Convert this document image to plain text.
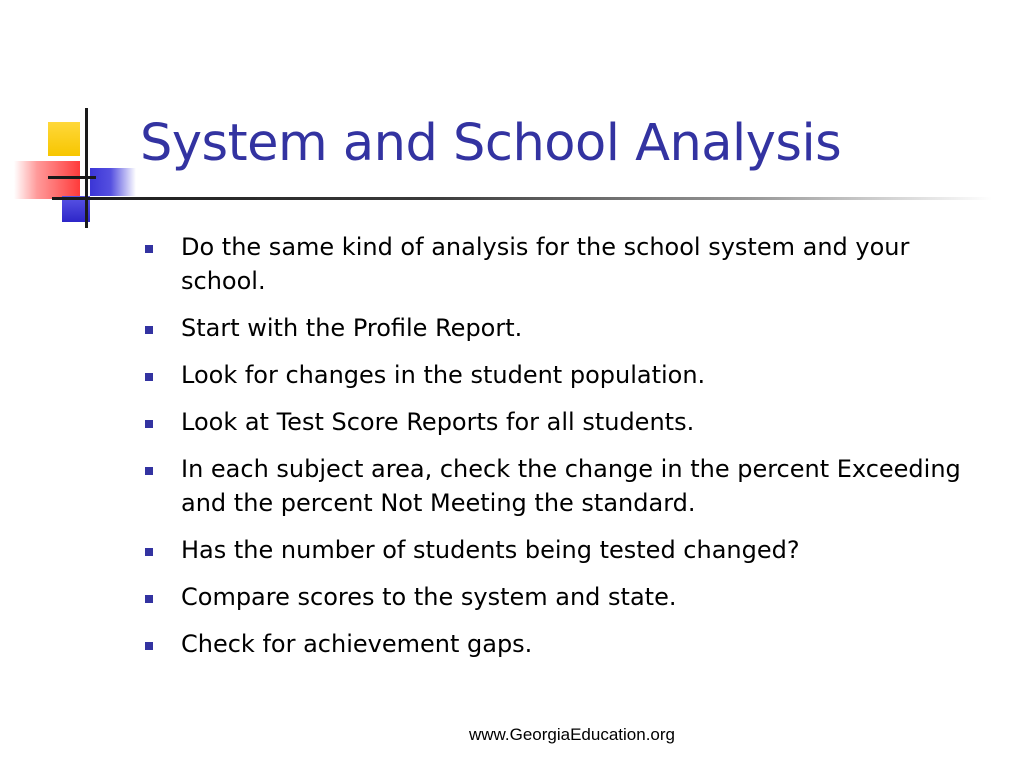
System and School Analysis
Do the same kind of analysis for the school system and your school.
Start with the Profile Report.
Look for changes in the student population.
Look at Test Score Reports for all students.
In each subject area, check the change in the percent Exceeding and the percent Not Meeting the standard.
Has the number of students being tested changed?
Compare scores to the system and state.
Check for achievement gaps.
www.GeorgiaEducation.org
